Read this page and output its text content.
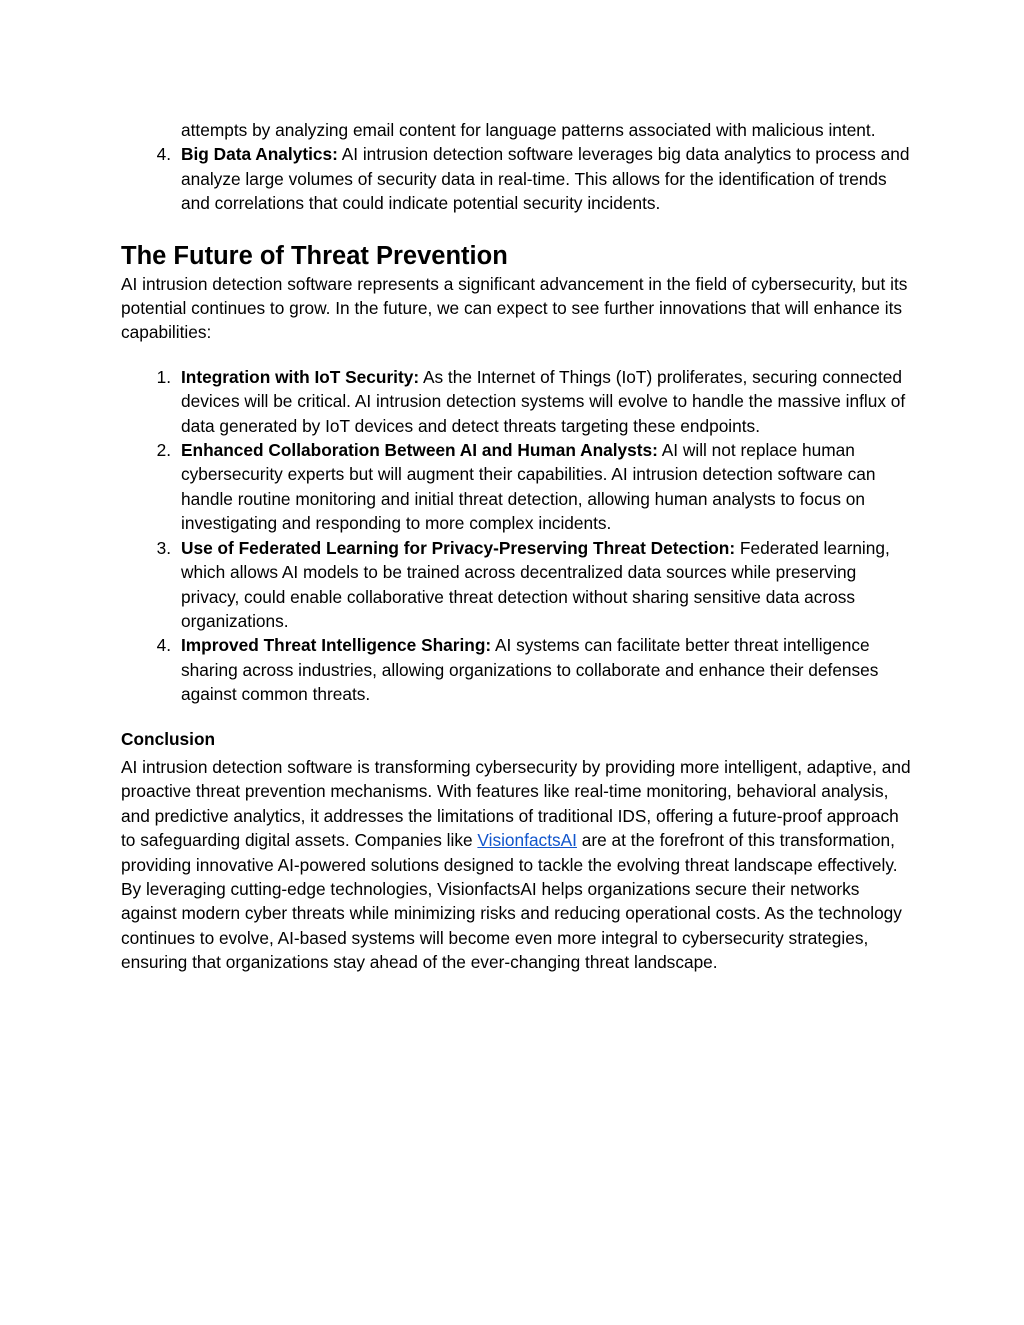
attempts by analyzing email content for language patterns associated with malicious intent.
4. Big Data Analytics: AI intrusion detection software leverages big data analytics to process and analyze large volumes of security data in real-time. This allows for the identification of trends and correlations that could indicate potential security incidents.
The Future of Threat Prevention

AI intrusion detection software represents a significant advancement in the field of cybersecurity, but its potential continues to grow. In the future, we can expect to see further innovations that will enhance its capabilities:

1. Integration with IoT Security: As the Internet of Things (IoT) proliferates, securing connected devices will be critical. AI intrusion detection systems will evolve to handle the massive influx of data generated by IoT devices and detect threats targeting these endpoints.
2. Enhanced Collaboration Between AI and Human Analysts: AI will not replace human cybersecurity experts but will augment their capabilities. AI intrusion detection software can handle routine monitoring and initial threat detection, allowing human analysts to focus on investigating and responding to more complex incidents.
3. Use of Federated Learning for Privacy-Preserving Threat Detection: Federated learning, which allows AI models to be trained across decentralized data sources while preserving privacy, could enable collaborative threat detection without sharing sensitive data across organizations.
4. Improved Threat Intelligence Sharing: AI systems can facilitate better threat intelligence sharing across industries, allowing organizations to collaborate and enhance their defenses against common threats.
Conclusion

AI intrusion detection software is transforming cybersecurity by providing more intelligent, adaptive, and proactive threat prevention mechanisms. With features like real-time monitoring, behavioral analysis, and predictive analytics, it addresses the limitations of traditional IDS, offering a future-proof approach to safeguarding digital assets. Companies like VisionfactsAI are at the forefront of this transformation, providing innovative AI-powered solutions designed to tackle the evolving threat landscape effectively. By leveraging cutting-edge technologies, VisionfactsAI helps organizations secure their networks against modern cyber threats while minimizing risks and reducing operational costs. As the technology continues to evolve, AI-based systems will become even more integral to cybersecurity strategies, ensuring that organizations stay ahead of the ever-changing threat landscape.
